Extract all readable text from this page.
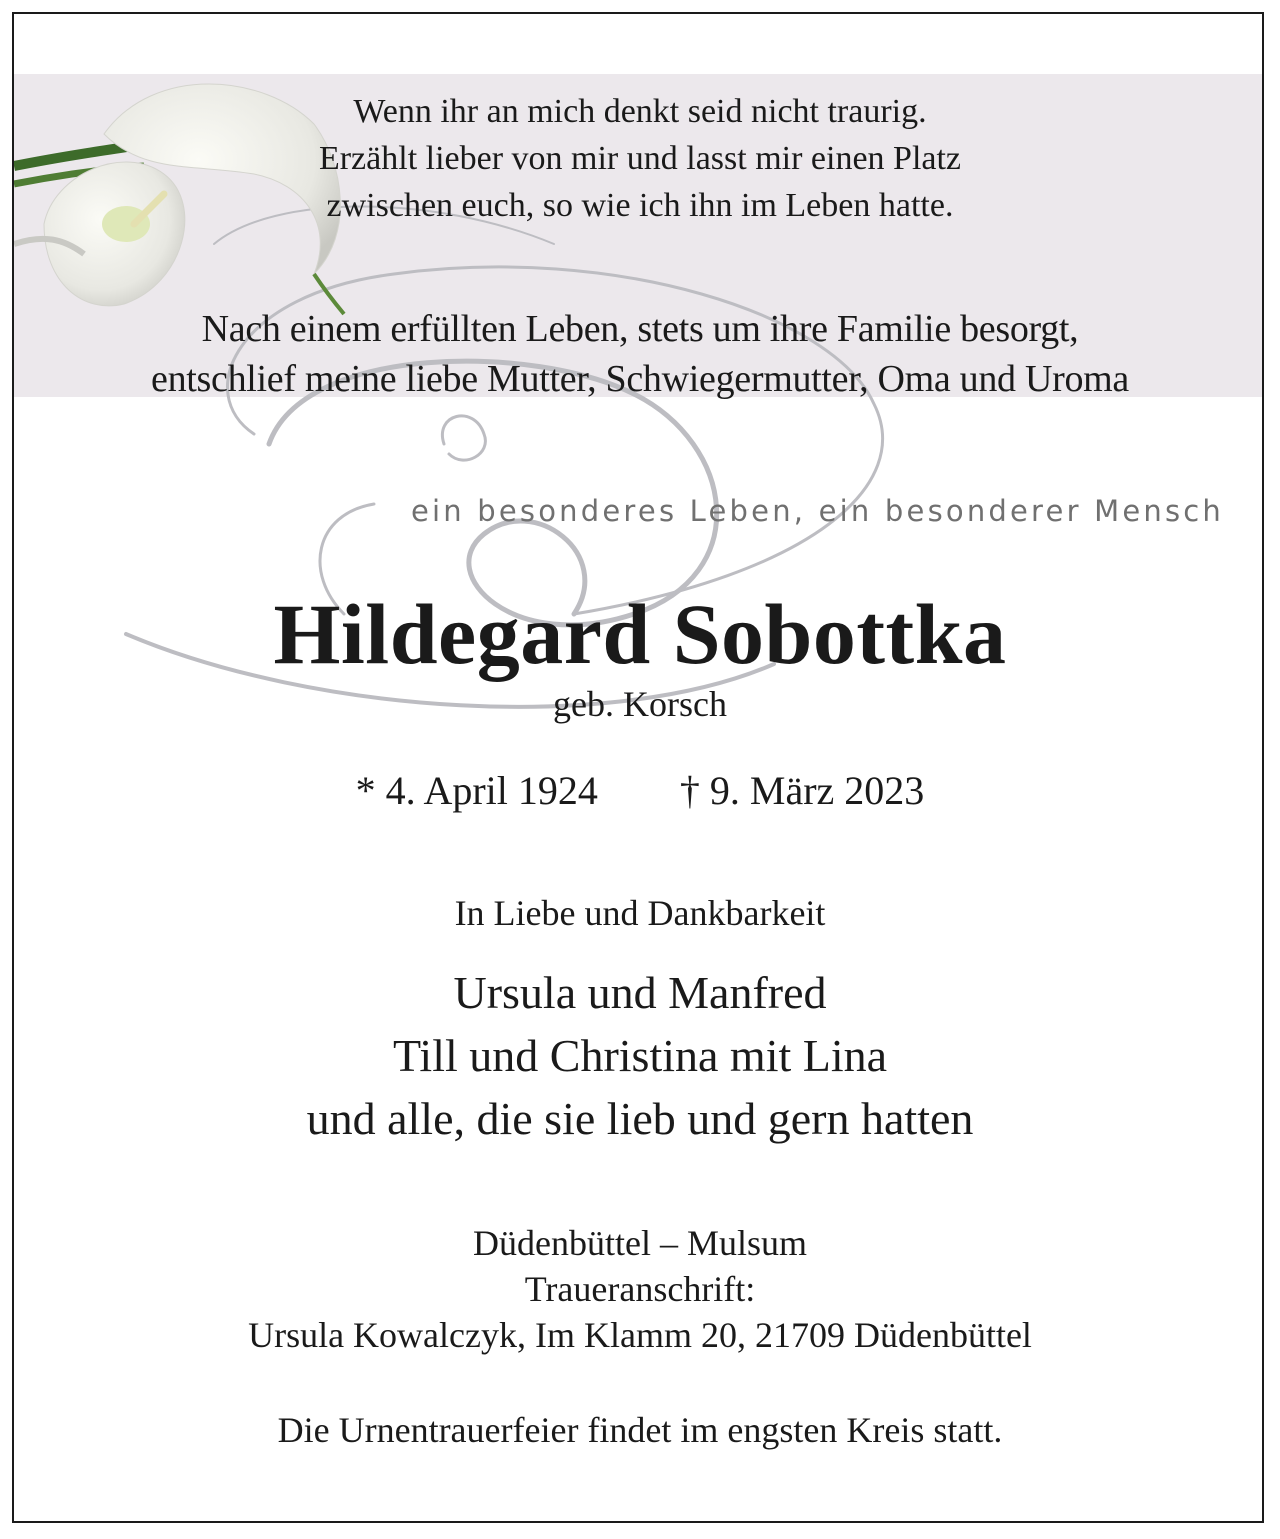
Wenn ihr an mich denkt seid nicht traurig.
Erzählt lieber von mir und lasst mir einen Platz
zwischen euch, so wie ich ihn im Leben hatte.
Nach einem erfüllten Leben, stets um ihre Familie besorgt,
entschlief meine liebe Mutter, Schwiegermutter, Oma und Uroma
ein besonderes Leben, ein besonderer Mensch
Hildegard Sobottka
geb. Korsch
* 4. April 1924 † 9. März 2023
In Liebe und Dankbarkeit
Ursula und Manfred
Till und Christina mit Lina
und alle, die sie lieb und gern hatten
Düdenbüttel – Mulsum
Traueranschrift:
Ursula Kowalczyk, Im Klamm 20, 21709 Düdenbüttel
Die Urnentrauerfeier findet im engsten Kreis statt.
